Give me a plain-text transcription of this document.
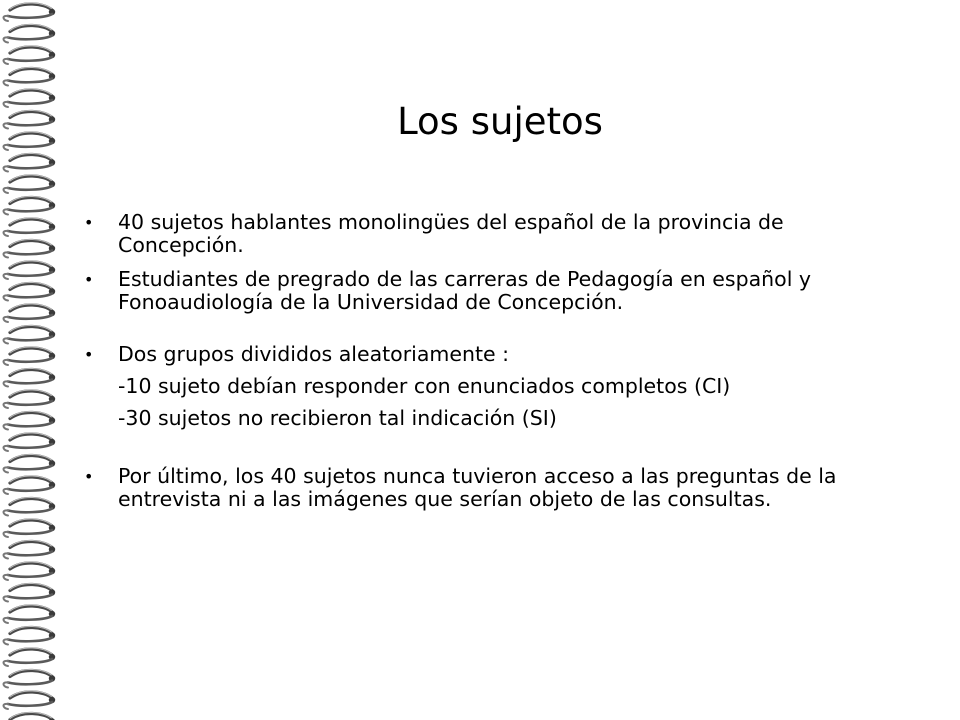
Los sujetos
• 40 sujetos hablantes monolingües del español de la provincia de Concepción.
• Estudiantes de pregrado de las carreras de Pedagogía en español y Fonoaudiología de la Universidad de Concepción.
• Dos grupos divididos aleatoriamente :
-10 sujeto debían responder con enunciados completos (CI)
-30 sujetos no recibieron tal indicación (SI)
• Por último, los 40 sujetos nunca tuvieron acceso a las preguntas de la entrevista ni a las imágenes que serían objeto de las consultas.
